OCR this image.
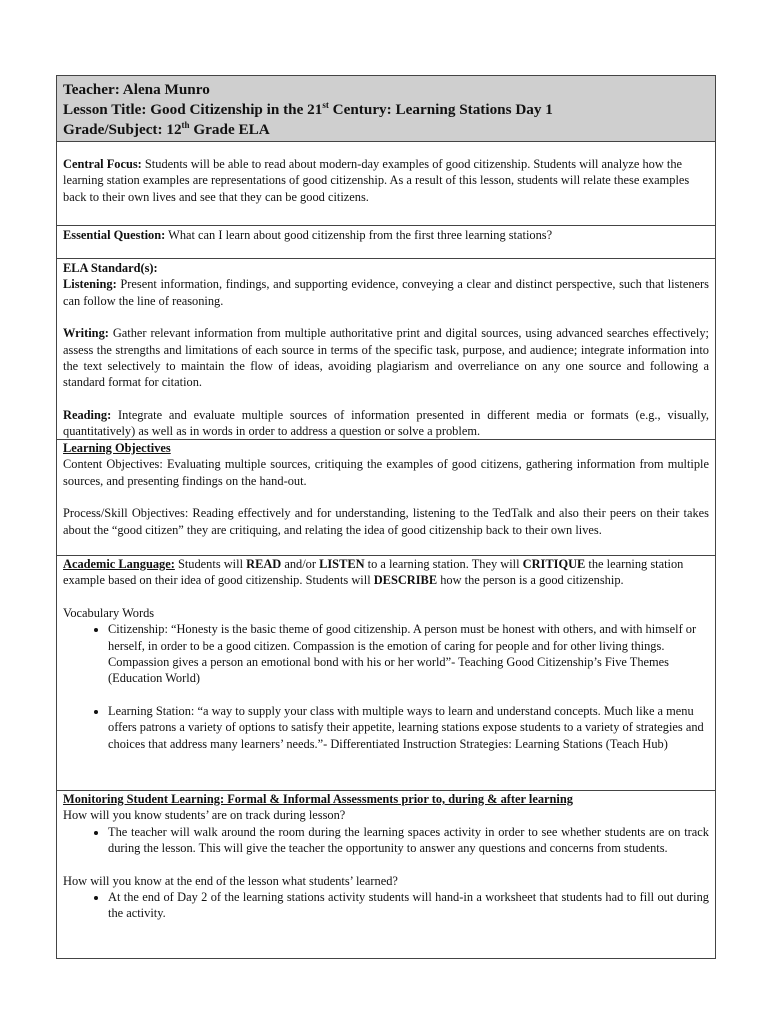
Teacher: Alena Munro
Lesson Title: Good Citizenship in the 21st Century: Learning Stations Day 1
Grade/Subject: 12th Grade ELA

Central Focus: Students will be able to read about modern-day examples of good citizenship. Students will analyze how the learning station examples are representations of good citizenship. As a result of this lesson, students will relate these examples back to their own lives and see that they can be good citizens.

Essential Question: What can I learn about good citizenship from the first three learning stations?

ELA Standard(s):

Listening: Present information, findings, and supporting evidence, conveying a clear and distinct perspective, such that listeners can follow the line of reasoning.

Writing: Gather relevant information from multiple authoritative print and digital sources, using advanced searches effectively; assess the strengths and limitations of each source in terms of the specific task, purpose, and audience; integrate information into the text selectively to maintain the flow of ideas, avoiding plagiarism and overreliance on any one source and following a standard format for citation.

Reading: Integrate and evaluate multiple sources of information presented in different media or formats (e.g., visually, quantitatively) as well as in words in order to address a question or solve a problem.

Learning Objectives

Content Objectives: Evaluating multiple sources, critiquing the examples of good citizens, gathering information from multiple sources, and presenting findings on the hand-out.

Process/Skill Objectives: Reading effectively and for understanding, listening to the TedTalk and also their peers on their takes about the “good citizen” they are critiquing, and relating the idea of good citizenship back to their own lives.

Academic Language: Students will READ and/or LISTEN to a learning station. They will CRITIQUE the learning station example based on their idea of good citizenship. Students will DESCRIBE how the person is a good citizenship.

Vocabulary Words

• Citizenship: “Honesty is the basic theme of good citizenship. A person must be honest with others, and with himself or herself, in order to be a good citizen. Compassion is the emotion of caring for people and for other living things. Compassion gives a person an emotional bond with his or her world”- Teaching Good Citizenship’s Five Themes (Education World)
• Learning Station: “a way to supply your class with multiple ways to learn and understand concepts. Much like a menu offers patrons a variety of options to satisfy their appetite, learning stations expose students to a variety of strategies and choices that address many learners’ needs.”- Differentiated Instruction Strategies: Learning Stations (Teach Hub)

Monitoring Student Learning: Formal & Informal Assessments prior to, during & after learning

How will you know students’ are on track during lesson?

• The teacher will walk around the room during the learning spaces activity in order to see whether students are on track during the lesson. This will give the teacher the opportunity to answer any questions and concerns from students.

How will you know at the end of the lesson what students’ learned?

• At the end of Day 2 of the learning stations activity students will hand-in a worksheet that students had to fill out during the activity.
